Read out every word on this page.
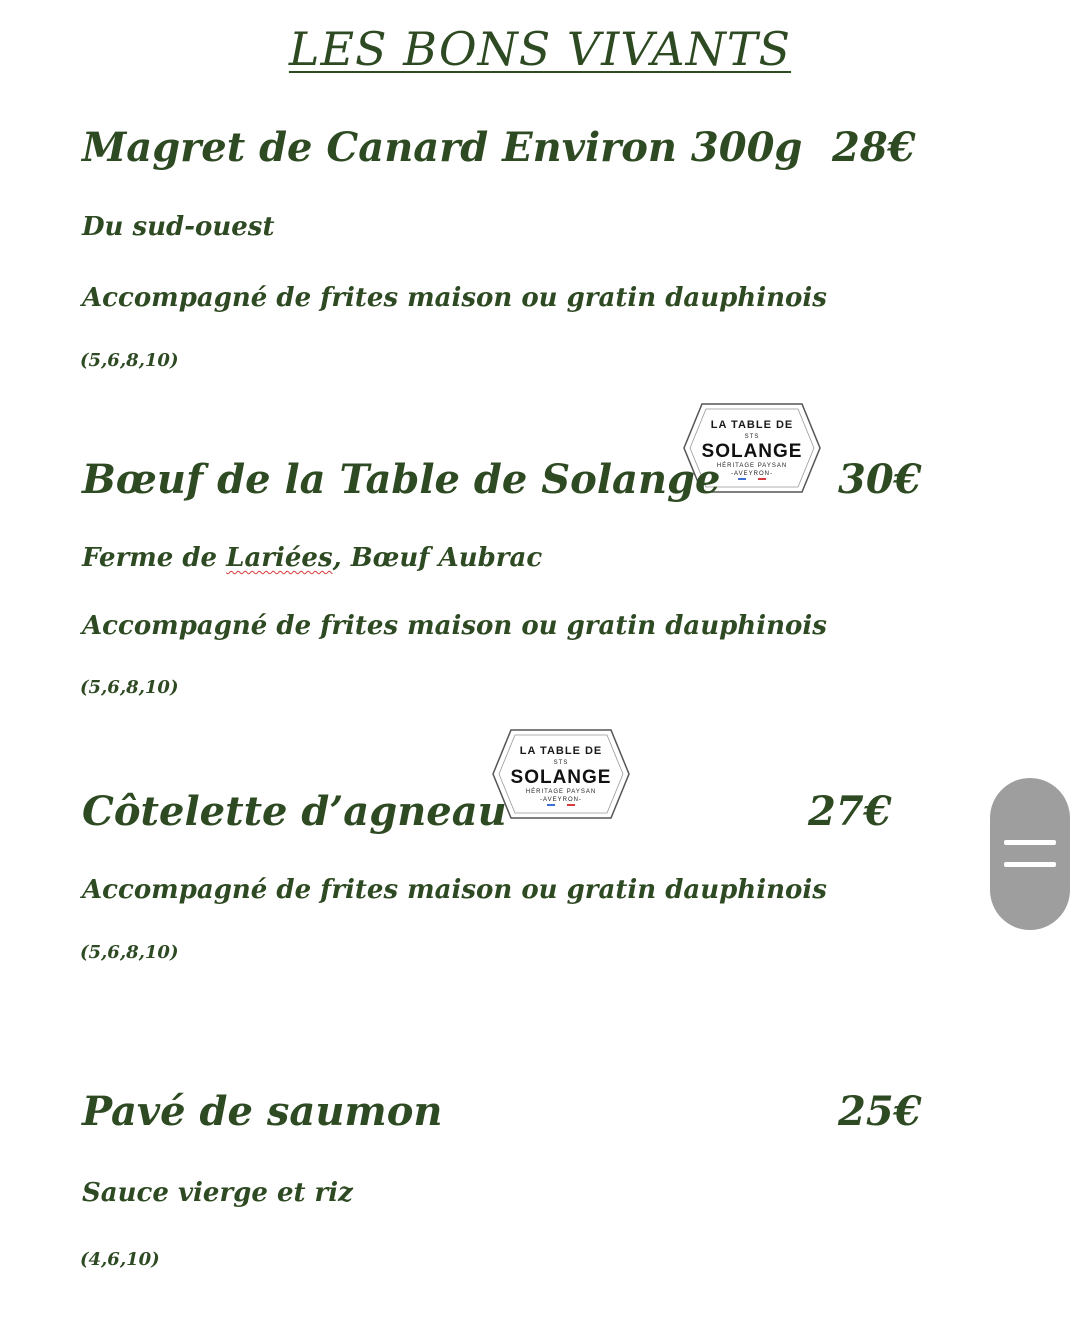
LES BONS VIVANTS
Magret de Canard Environ 300g 28€
Du sud-ouest
Accompagné de frites maison ou gratin dauphinois
(5,6,8,10)
LA TABLE DE
STS
SOLANGE
HÉRITAGE PAYSAN
-AVEYRON-
Bœuf de la Table de Solange	30€
Ferme de Lariées, Bœuf Aubrac
Accompagné de frites maison ou gratin dauphinois
(5,6,8,10)
LA TABLE DE
STS
SOLANGE
HÉRITAGE PAYSAN
-AVEYRON-
Côtelette d’agneau	27€
Accompagné de frites maison ou gratin dauphinois
(5,6,8,10)
Pavé de saumon	25€
Sauce vierge et riz
(4,6,10)
